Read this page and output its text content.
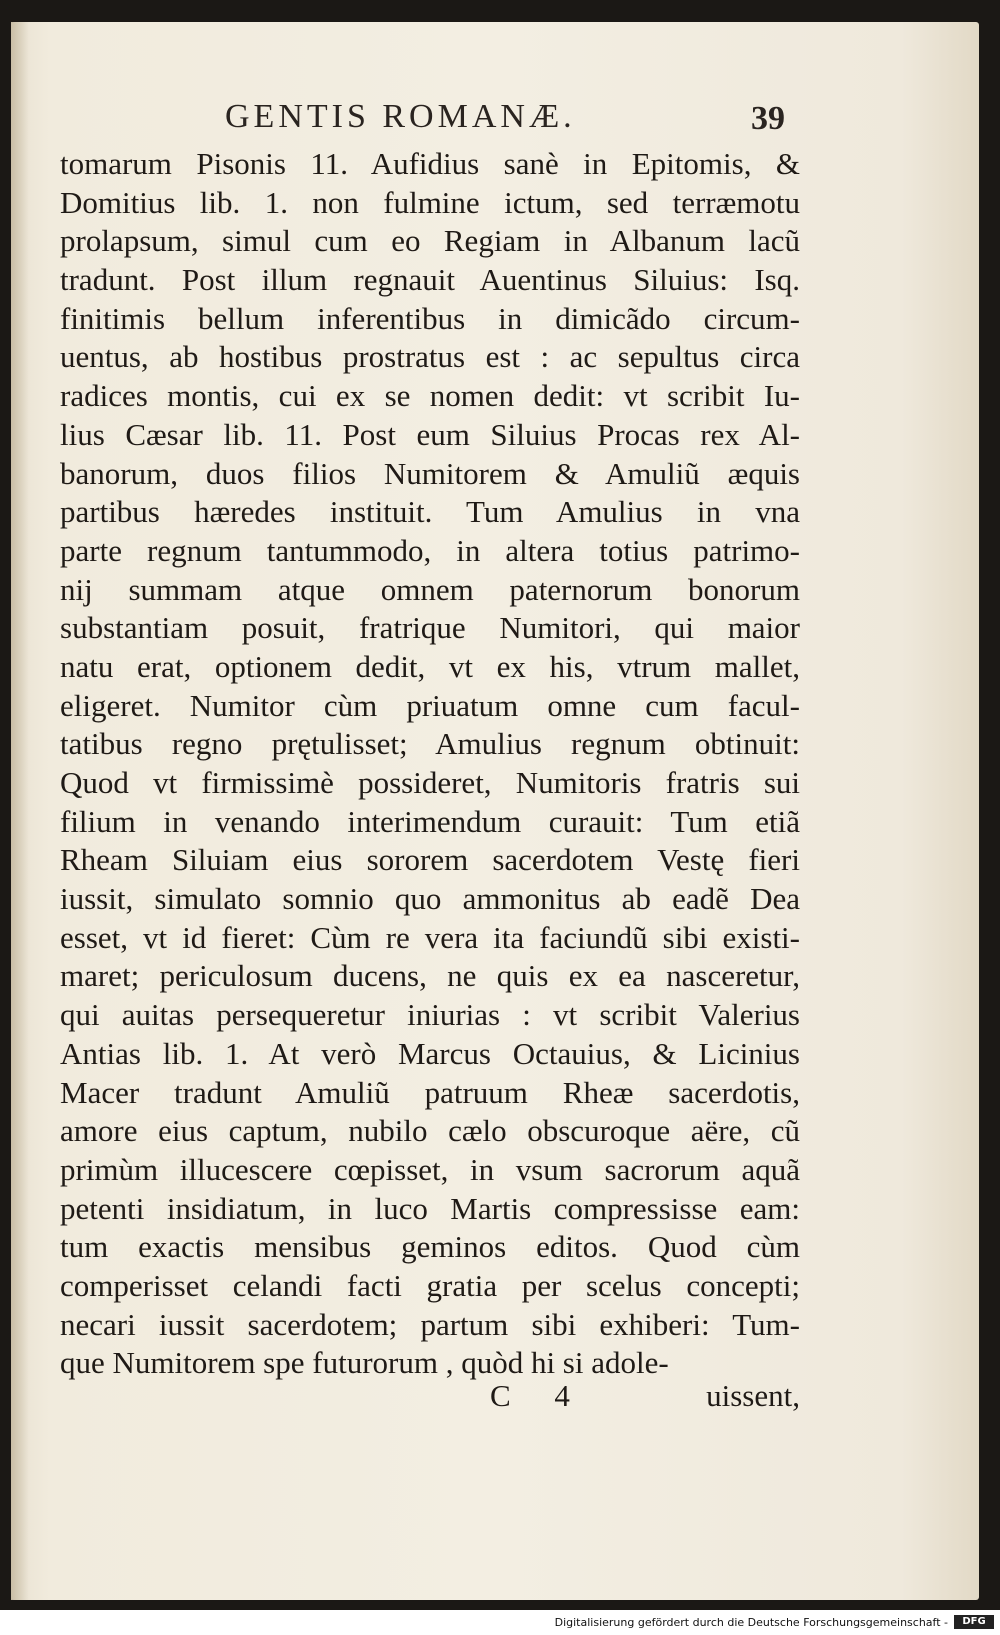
GENTIS ROMANÆ.	39
tomarum Pisonis 11. Aufidius sanè in Epitomis, &
Domitius lib. 1. non fulmine ictum, sed terræmotu
prolapsum, simul cum eo Regiam in Albanum lacũ
tradunt. Post illum regnauit Auentinus Siluius: Isq.
finitimis bellum inferentibus in dimicãdo circum-
uentus, ab hostibus prostratus est : ac sepultus circa
radices montis, cui ex se nomen dedit: vt scribit Iu-
lius Cæsar lib. 11. Post eum Siluius Procas rex Al-
banorum, duos filios Numitorem & Amuliũ æquis
partibus hæredes instituit. Tum Amulius in vna
parte regnum tantummodo, in altera totius patrimo-
nij summam atque omnem paternorum bonorum
substantiam posuit, fratrique Numitori, qui maior
natu erat, optionem dedit, vt ex his, vtrum mallet,
eligeret. Numitor cùm priuatum omne cum facul-
tatibus regno prętulisset; Amulius regnum obtinuit:
Quod vt firmissimè possideret, Numitoris fratris sui
filium in venando interimendum curauit: Tum etiã
Rheam Siluiam eius sororem sacerdotem Vestę fieri
iussit, simulato somnio quo ammonitus ab eadẽ Dea
esset, vt id fieret: Cùm re vera ita faciundũ sibi existi-
maret; periculosum ducens, ne quis ex ea nasceretur,
qui auitas persequeretur iniurias : vt scribit Valerius
Antias lib. 1. At verò Marcus Octauius, & Licinius
Macer tradunt Amuliũ patruum Rheæ sacerdotis,
amore eius captum, nubilo cælo obscuroque aëre, cũ
primùm illucescere cœpisset, in vsum sacrorum aquã
petenti insidiatum, in luco Martis compressisse eam:
tum exactis mensibus geminos editos. Quod cùm
comperisset celandi facti gratia per scelus concepti;
necari iussit sacerdotem; partum sibi exhiberi: Tum-
que Numitorem spe futurorum , quòd hi si adole-
C 4	uissent,
Digitalisierung gefördert durch die Deutsche Forschungsgemeinschaft -	DFG
